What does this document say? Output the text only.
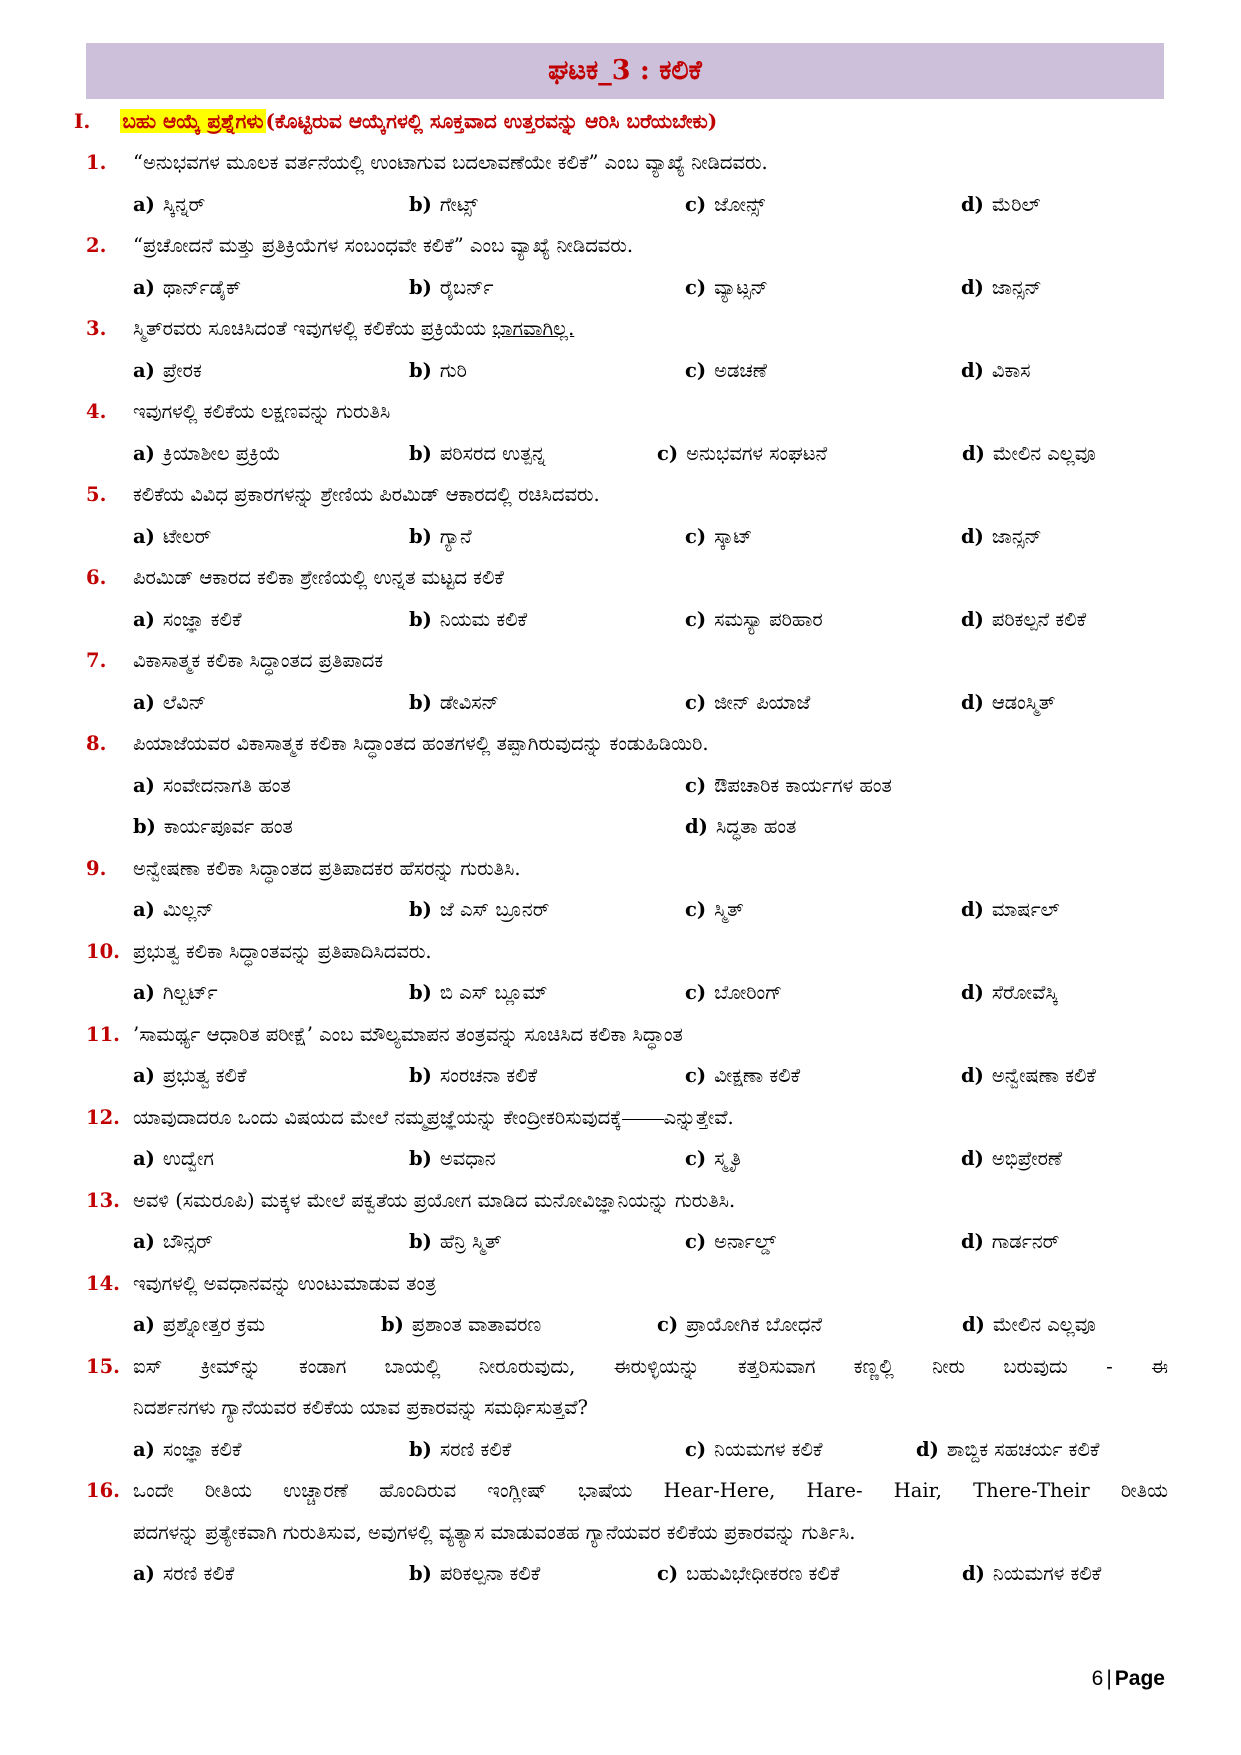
ಘಟಕ_3 : ಕಲಿಕೆ
I. ಬಹು ಆಯ್ಕೆ ಪ್ರಶ್ನೆಗಳು (ಕೊಟ್ಟಿರುವ ಆಯ್ಕೆಗಳಲ್ಲಿ ಸೂಕ್ತವಾದ ಉತ್ತರವನ್ನು ಆರಿಸಿ ಬರೆಯಬೇಕು)
1.	“ಅನುಭವಗಳ ಮೂಲಕ ವರ್ತನೆಯಲ್ಲಿ ಉಂಟಾಗುವ ಬದಲಾವಣೆಯೇ ಕಲಿಕೆ” ಎಂಬ ವ್ಯಾಖ್ಯೆ ನೀಡಿದವರು.
a) ಸ್ಕಿನ್ನರ್	b) ಗೇಟ್ಸ್	c) ಜೋನ್ಸ್	d) ಮೆರಿಲ್
2.	“ಪ್ರಚೋದನೆ ಮತ್ತು ಪ್ರತಿಕ್ರಿಯೆಗಳ ಸಂಬಂಧವೇ ಕಲಿಕೆ” ಎಂಬ ವ್ಯಾಖ್ಯೆ ನೀಡಿದವರು.
a) ಥಾರ್ನ್‌ಡೈಕ್	b) ರೈಬರ್ನ್	c) ವ್ಯಾಟ್ಸನ್	d) ಜಾನ್ಸನ್
3.	ಸ್ಮಿತ್‌ರವರು ಸೂಚಿಸಿದಂತೆ ಇವುಗಳಲ್ಲಿ ಕಲಿಕೆಯ ಪ್ರಕ್ರಿಯೆಯ ಭಾಗವಾಗಿಲ್ಲ.
a) ಪ್ರೇರಕ	b) ಗುರಿ	c) ಅಡಚಣೆ	d) ವಿಕಾಸ
4.	ಇವುಗಳಲ್ಲಿ ಕಲಿಕೆಯ ಲಕ್ಷಣವನ್ನು ಗುರುತಿಸಿ
a) ಕ್ರಿಯಾಶೀಲ ಪ್ರಕ್ರಿಯೆ	b) ಪರಿಸರದ ಉತ್ಪನ್ನ	c) ಅನುಭವಗಳ ಸಂಘಟನೆ	d) ಮೇಲಿನ ಎಲ್ಲವೂ
5.	ಕಲಿಕೆಯ ವಿವಿಧ ಪ್ರಕಾರಗಳನ್ನು ಶ್ರೇಣಿಯ ಪಿರಮಿಡ್ ಆಕಾರದಲ್ಲಿ ರಚಿಸಿದವರು.
a) ಟೇಲರ್	b) ಗ್ಯಾನೆ	c) ಸ್ಕಾಟ್	d) ಜಾನ್ಸನ್
6.	ಪಿರಮಿಡ್ ಆಕಾರದ ಕಲಿಕಾ ಶ್ರೇಣಿಯಲ್ಲಿ ಉನ್ನತ ಮಟ್ಟದ ಕಲಿಕೆ
a) ಸಂಜ್ಞಾ ಕಲಿಕೆ	b) ನಿಯಮ ಕಲಿಕೆ	c) ಸಮಸ್ಯಾ ಪರಿಹಾರ	d) ಪರಿಕಲ್ಪನೆ ಕಲಿಕೆ
7.	ವಿಕಾಸಾತ್ಮಕ ಕಲಿಕಾ ಸಿದ್ಧಾಂತದ ಪ್ರತಿಪಾದಕ
a) ಲೆವಿನ್	b) ಡೇವಿಸನ್	c) ಜೀನ್ ಪಿಯಾಜೆ	d) ಆಡಂಸ್ಮಿತ್
8.	ಪಿಯಾಜೆಯವರ ವಿಕಾಸಾತ್ಮಕ ಕಲಿಕಾ ಸಿದ್ಧಾಂತದ ಹಂತಗಳಲ್ಲಿ ತಪ್ಪಾಗಿರುವುದನ್ನು ಕಂಡುಹಿಡಿಯಿರಿ.
a) ಸಂವೇದನಾಗತಿ ಹಂತ	c) ಔಪಚಾರಿಕ ಕಾರ್ಯಗಳ ಹಂತ
b) ಕಾರ್ಯಪೂರ್ವ ಹಂತ	d) ಸಿದ್ಧತಾ ಹಂತ
9.	ಅನ್ವೇಷಣಾ ಕಲಿಕಾ ಸಿದ್ಧಾಂತದ ಪ್ರತಿಪಾದಕರ ಹೆಸರನ್ನು ಗುರುತಿಸಿ.
a) ಮಿಲ್ಲನ್	b) ಜೆ ಎಸ್ ಬ್ರೂನರ್	c) ಸ್ಮಿತ್	d) ಮಾರ್ಷಲ್
10. ಪ್ರಭುತ್ವ ಕಲಿಕಾ ಸಿದ್ಧಾಂತವನ್ನು ಪ್ರತಿಪಾದಿಸಿದವರು.
a) ಗಿಲ್ಬರ್ಟ್	b) ಬಿ ಎಸ್ ಬ್ಲೂಮ್	c) ಬೋರಿಂಗ್	d) ಸೆರೋವೆಸ್ಕಿ
11. ’ಸಾಮರ್ಥ್ಯ ಆಧಾರಿತ ಪರೀಕ್ಷೆ’ ಎಂಬ ಮೌಲ್ಯಮಾಪನ ತಂತ್ರವನ್ನು ಸೂಚಿಸಿದ ಕಲಿಕಾ ಸಿದ್ಧಾಂತ
a) ಪ್ರಭುತ್ವ ಕಲಿಕೆ	b) ಸಂರಚನಾ ಕಲಿಕೆ	c) ವೀಕ್ಷಣಾ ಕಲಿಕೆ	d) ಅನ್ವೇಷಣಾ ಕಲಿಕೆ
12. ಯಾವುದಾದರೂ ಒಂದು ವಿಷಯದ ಮೇಲೆ ನಮ್ಮಪ್ರಜ್ಞೆಯನ್ನು ಕೇಂದ್ರೀಕರಿಸುವುದಕ್ಕೆ ಎನ್ನುತ್ತೇವೆ.
a) ಉದ್ವೇಗ	b) ಅವಧಾನ	c) ಸ್ಮೃತಿ	d) ಅಭಿಪ್ರೇರಣೆ
13. ಅವಳಿ (ಸಮರೂಪಿ) ಮಕ್ಕಳ ಮೇಲೆ ಪಕ್ವತೆಯ ಪ್ರಯೋಗ ಮಾಡಿದ ಮನೋವಿಜ್ಞಾನಿಯನ್ನು ಗುರುತಿಸಿ.
a) ಬೌನ್ಸರ್	b) ಹೆನ್ರಿ ಸ್ಮಿತ್	c) ಅರ್ನಾಲ್ಡ್	d) ಗಾರ್ಡನರ್
14. ಇವುಗಳಲ್ಲಿ ಅವಧಾನವನ್ನು ಉಂಟುಮಾಡುವ ತಂತ್ರ
a) ಪ್ರಶ್ನೋತ್ತರ ಕ್ರಮ	b) ಪ್ರಶಾಂತ ವಾತಾವರಣ	c) ಪ್ರಾಯೋಗಿಕ ಬೋಧನೆ	d) ಮೇಲಿನ ಎಲ್ಲವೂ
15. ಐಸ್ ಕ್ರೀಮ್‌ನ್ನು ಕಂಡಾಗ ಬಾಯಲ್ಲಿ ನೀರೂರುವುದು, ಈರುಳ್ಳಿಯನ್ನು ಕತ್ತರಿಸುವಾಗ ಕಣ್ಣಲ್ಲಿ ನೀರು ಬರುವುದು - ಈ
ನಿದರ್ಶನಗಳು ಗ್ಯಾನೆಯವರ ಕಲಿಕೆಯ ಯಾವ ಪ್ರಕಾರವನ್ನು ಸಮರ್ಥಿಸುತ್ತವೆ?
a) ಸಂಜ್ಞಾ ಕಲಿಕೆ	b) ಸರಣಿ ಕಲಿಕೆ	c) ನಿಯಮಗಳ ಕಲಿಕೆ	d) ಶಾಬ್ದಿಕ ಸಹಚರ್ಯ ಕಲಿಕೆ
16. ಒಂದೇ ರೀತಿಯ ಉಚ್ಚಾರಣೆ ಹೊಂದಿರುವ ಇಂಗ್ಲೀಷ್ ಭಾಷೆಯ Hear-Here, Hare- Hair, There-Their ರೀತಿಯ
ಪದಗಳನ್ನು ಪ್ರತ್ಯೇಕವಾಗಿ ಗುರುತಿಸುವ, ಅವುಗಳಲ್ಲಿ ವ್ಯತ್ಯಾಸ ಮಾಡುವಂತಹ ಗ್ಯಾನೆಯವರ ಕಲಿಕೆಯ ಪ್ರಕಾರವನ್ನು ಗುರ್ತಿಸಿ.
a) ಸರಣಿ ಕಲಿಕೆ	b) ಪರಿಕಲ್ಪನಾ ಕಲಿಕೆ	c) ಬಹುವಿಭೇಧೀಕರಣ ಕಲಿಕೆ	d) ನಿಯಮಗಳ ಕಲಿಕೆ
6 | Page
